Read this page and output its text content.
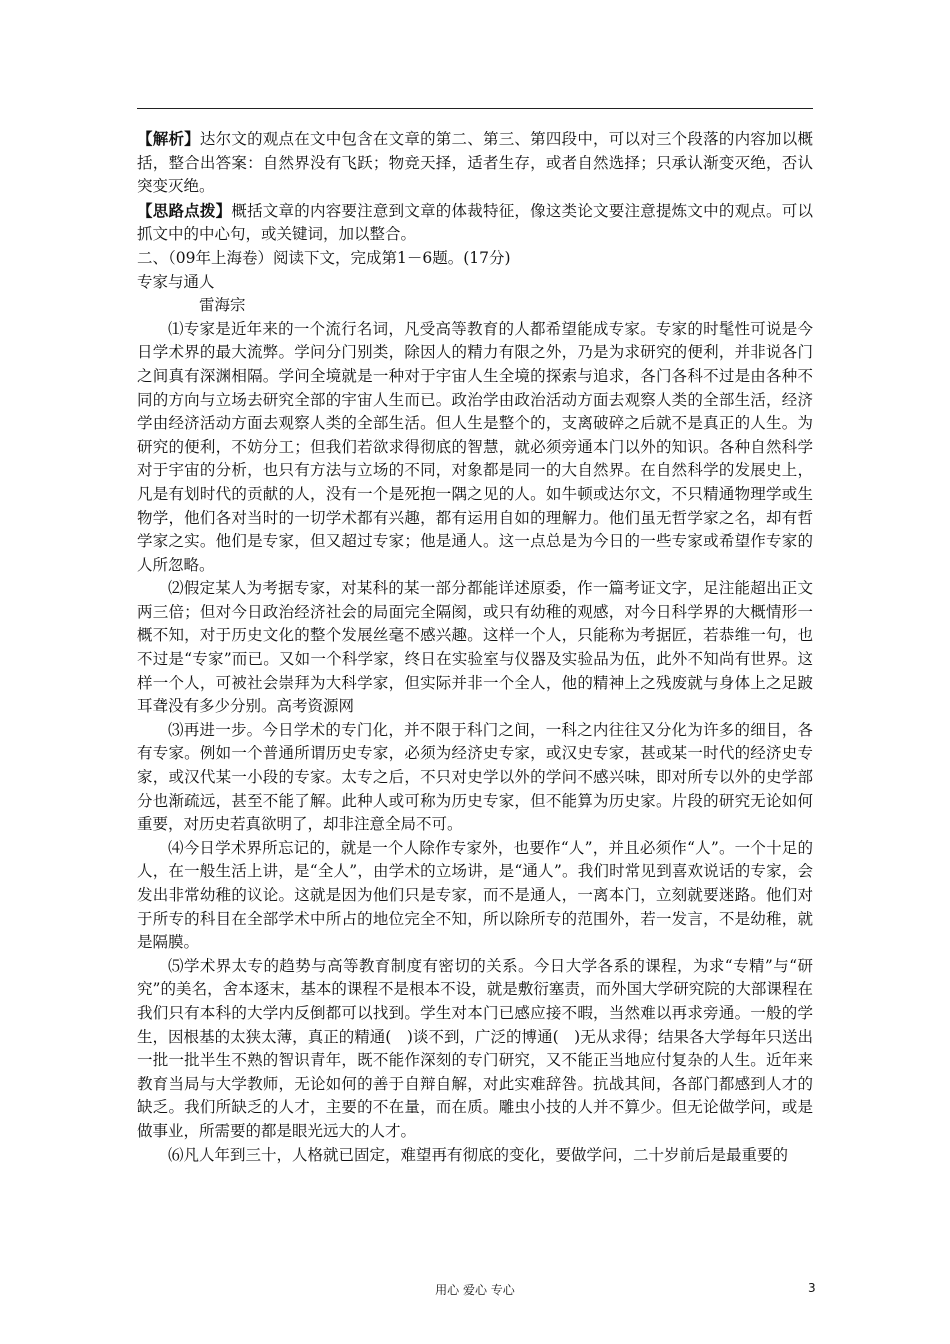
【解析】达尔文的观点在文中包含在文章的第二、第三、第四段中，可以对三个段落的内容加以概括，整合出答案：自然界没有飞跃；物竞天择，适者生存，或者自然选择；只承认渐变灭绝，否认突变灭绝。

【思路点拨】概括文章的内容要注意到文章的体裁特征，像这类论文要注意提炼文中的观点。可以抓文中的中心句，或关键词，加以整合。

二、（09年上海卷）阅读下文，完成第1－6题。(17分)

专家与通人

雷海宗

⑴专家是近年来的一个流行名词，凡受高等教育的人都希望能成专家。专家的时髦性可说是今日学术界的最大流弊。学问分门别类，除因人的精力有限之外，乃是为求研究的便利，并非说各门之间真有深渊相隔。学问全境就是一种对于宇宙人生全境的探索与追求，各门各科不过是由各种不同的方向与立场去研究全部的宇宙人生而已。政治学由政治活动方面去观察人类的全部生活，经济学由经济活动方面去观察人类的全部生活。但人生是整个的，支离破碎之后就不是真正的人生。为研究的便利，不妨分工；但我们若欲求得彻底的智慧，就必须旁通本门以外的知识。各种自然科学对于宇宙的分析，也只有方法与立场的不同，对象都是同一的大自然界。在自然科学的发展史上，凡是有划时代的贡献的人，没有一个是死抱一隅之见的人。如牛顿或达尔文，不只精通物理学或生物学，他们各对当时的一切学术都有兴趣，都有运用自如的理解力。他们虽无哲学家之名，却有哲学家之实。他们是专家，但又超过专家；他是通人。这一点总是为今日的一些专家或希望作专家的人所忽略。

⑵假定某人为考据专家，对某科的某一部分都能详述原委，作一篇考证文字，足注能超出正文两三倍；但对今日政治经济社会的局面完全隔阂，或只有幼稚的观感，对今日科学界的大概情形一概不知，对于历史文化的整个发展丝毫不感兴趣。这样一个人，只能称为考据匠，若恭维一句，也不过是“专家”而已。又如一个科学家，终日在实验室与仪器及实验品为伍，此外不知尚有世界。这样一个人，可被社会崇拜为大科学家，但实际并非一个全人，他的精神上之残废就与身体上之足跛耳聋没有多少分别。高考资源网

⑶再进一步。今日学术的专门化，并不限于科门之间，一科之内往往又分化为许多的细目，各有专家。例如一个普通所谓历史专家，必须为经济史专家，或汉史专家，甚或某一时代的经济史专家，或汉代某一小段的专家。太专之后，不只对史学以外的学问不感兴味，即对所专以外的史学部分也渐疏远，甚至不能了解。此种人或可称为历史专家，但不能算为历史家。片段的研究无论如何重要，对历史若真欲明了，却非注意全局不可。

⑷今日学术界所忘记的，就是一个人除作专家外，也要作“人”，并且必须作“人”。一个十足的人，在一般生活上讲，是“全人”，由学术的立场讲，是“通人”。我们时常见到喜欢说话的专家，会发出非常幼稚的议论。这就是因为他们只是专家，而不是通人，一离本门，立刻就要迷路。他们对于所专的科目在全部学术中所占的地位完全不知，所以除所专的范围外，若一发言，不是幼稚，就是隔膜。

⑸学术界太专的趋势与高等教育制度有密切的关系。今日大学各系的课程，为求“专精”与“研究”的美名，舍本逐末，基本的课程不是根本不设，就是敷衍塞责，而外国大学研究院的大部课程在我们只有本科的大学内反倒都可以找到。学生对本门已感应接不暇，当然难以再求旁通。一般的学生，因根基的太狭太薄，真正的精通(　)谈不到，广泛的博通(　)无从求得；结果各大学每年只送出一批一批半生不熟的智识青年，既不能作深刻的专门研究，又不能正当地应付复杂的人生。近年来教育当局与大学教师，无论如何的善于自辩自解，对此实难辞咎。抗战其间，各部门都感到人才的缺乏。我们所缺乏的人才，主要的不在量，而在质。雕虫小技的人并不算少。但无论做学问，或是做事业，所需要的都是眼光远大的人才。

⑹凡人年到三十，人格就已固定，难望再有彻底的变化，要做学问，二十岁前后是最重要的

用心 爱心 专心	3
